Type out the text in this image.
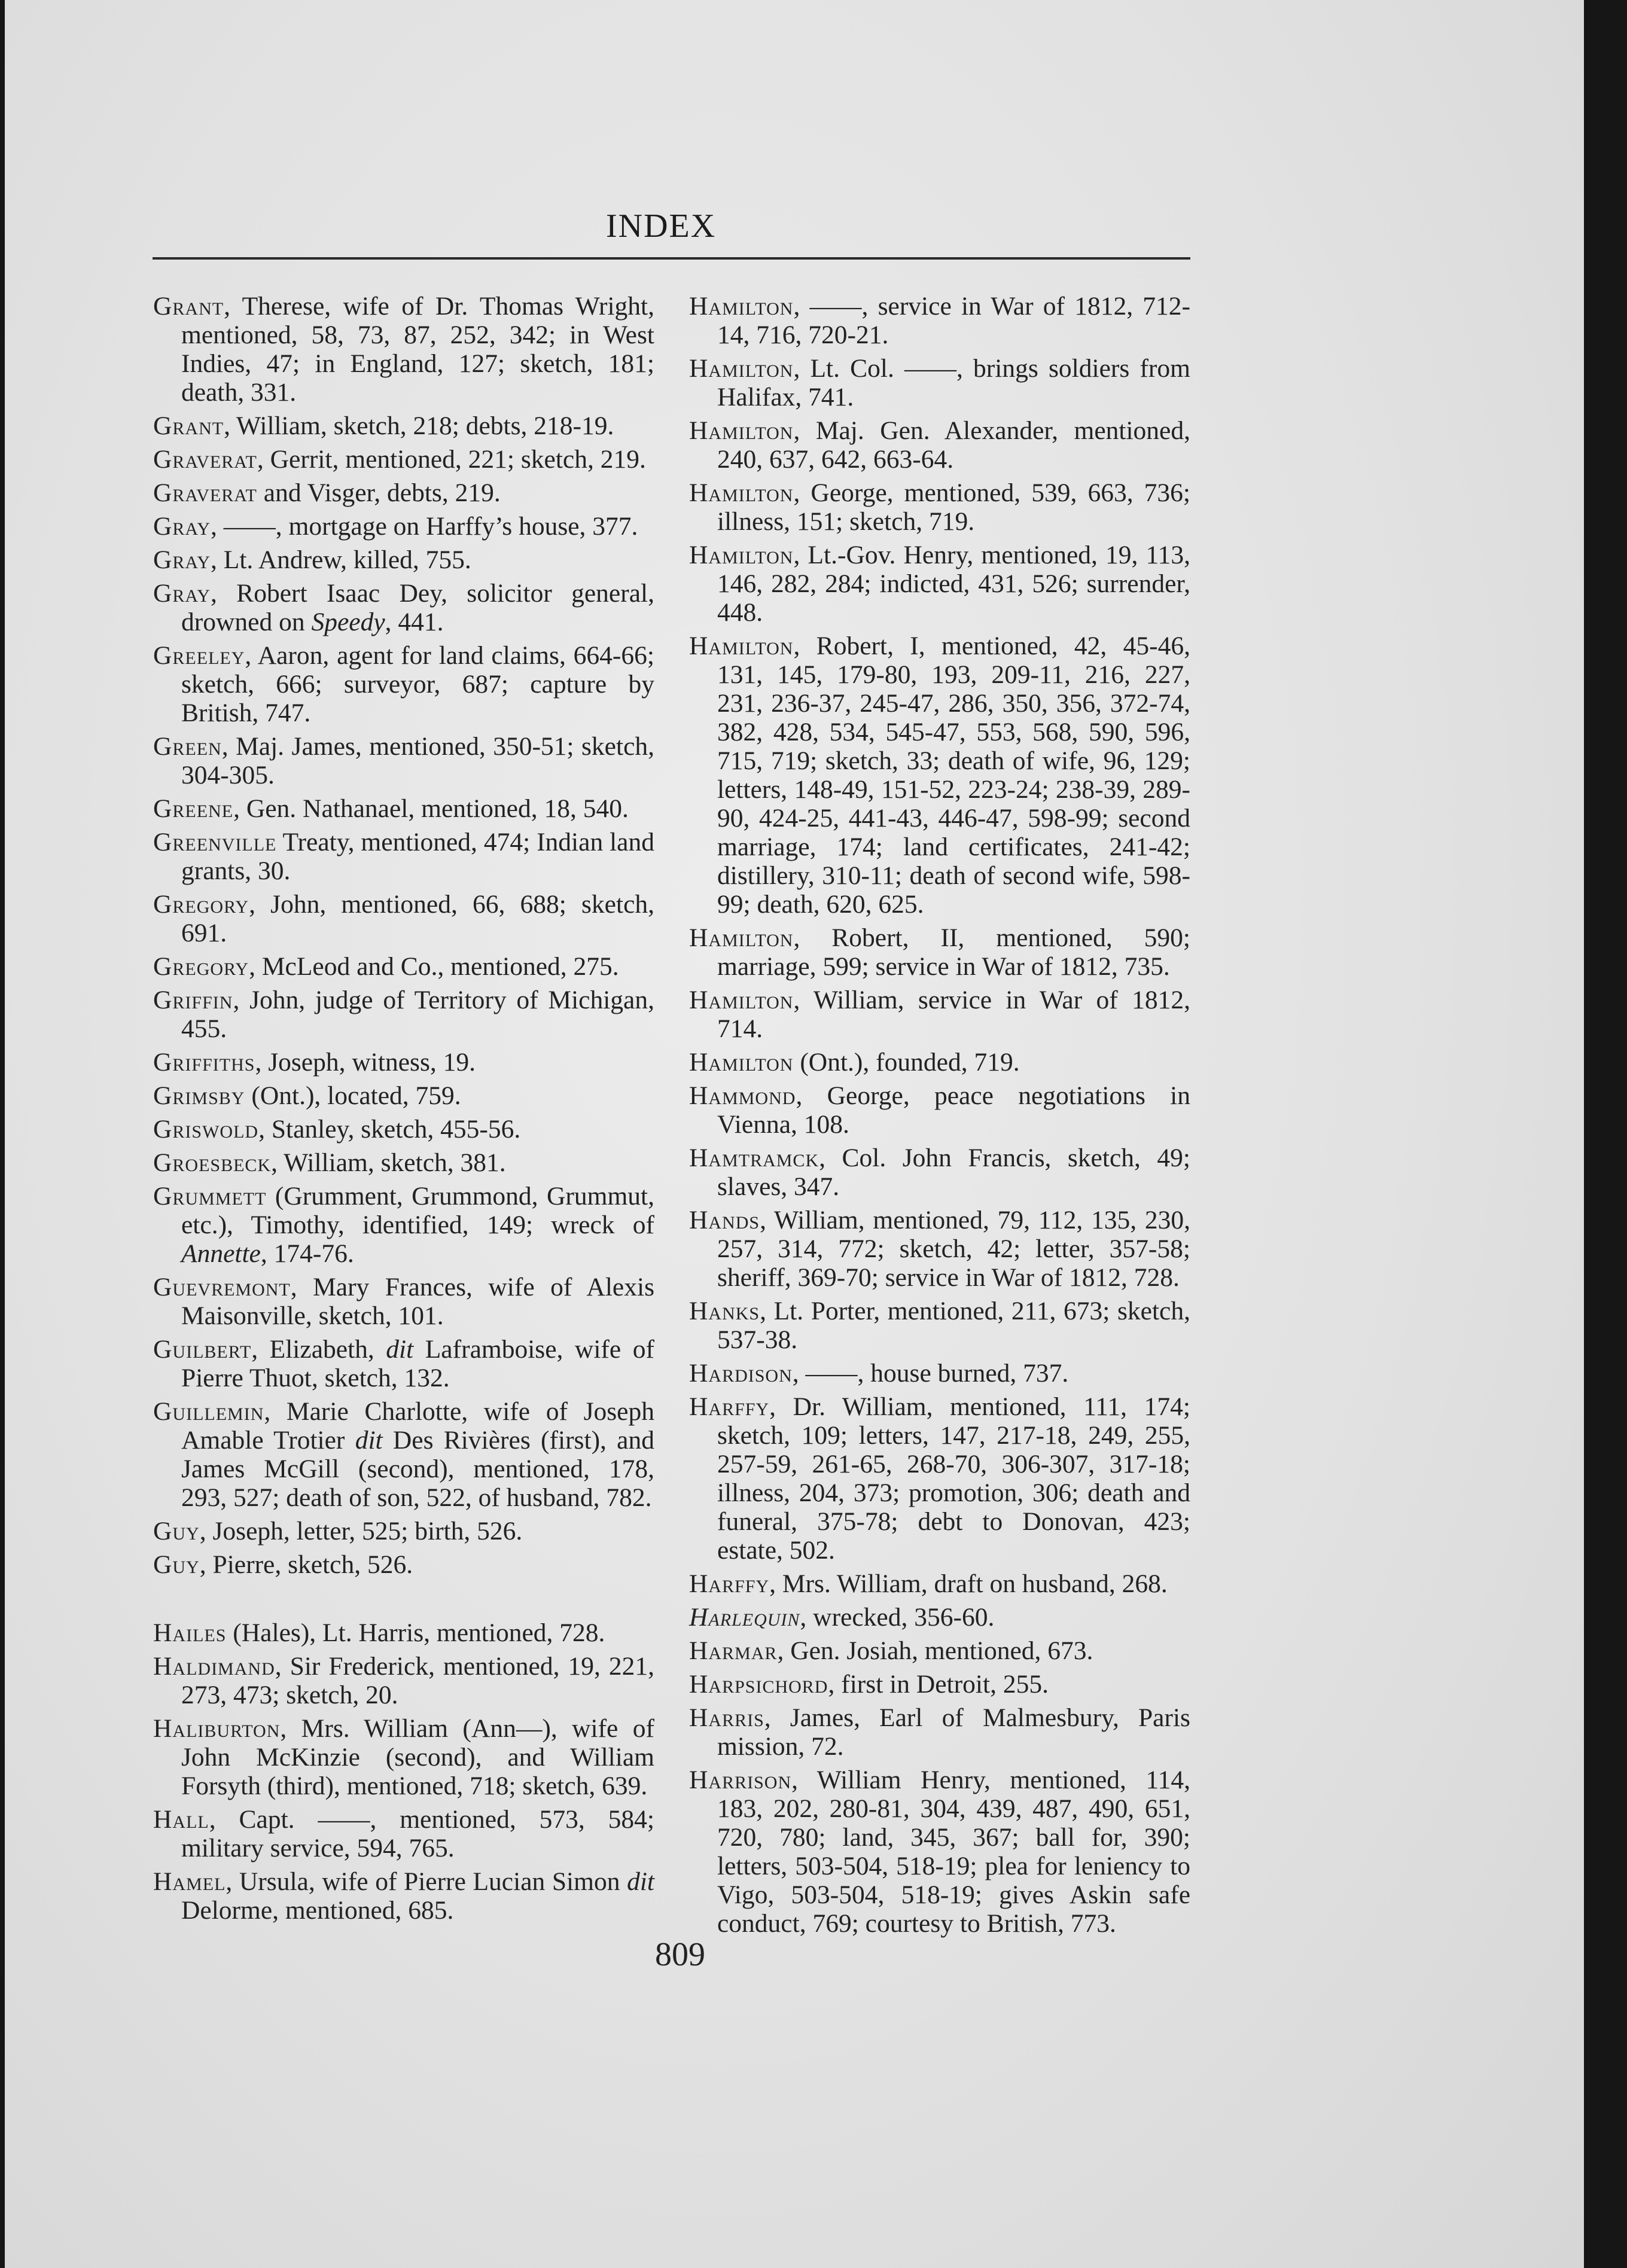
INDEX

Grant, Therese, wife of Dr. Thomas Wright, mentioned, 58, 73, 87, 252, 342; in West Indies, 47; in England, 127; sketch, 181; death, 331.

Grant, William, sketch, 218; debts, 218-19.

Graverat, Gerrit, mentioned, 221; sketch, 219.

Graverat and Visger, debts, 219.

Gray, ——, mortgage on Harffy’s house, 377.

Gray, Lt. Andrew, killed, 755.

Gray, Robert Isaac Dey, solicitor general, drowned on Speedy, 441.

Greeley, Aaron, agent for land claims, 664-66; sketch, 666; surveyor, 687; capture by British, 747.

Green, Maj. James, mentioned, 350-51; sketch, 304-305.

Greene, Gen. Nathanael, mentioned, 18, 540.

Greenville Treaty, mentioned, 474; Indian land grants, 30.

Gregory, John, mentioned, 66, 688; sketch, 691.

Gregory, McLeod and Co., mentioned, 275.

Griffin, John, judge of Territory of Michigan, 455.

Griffiths, Joseph, witness, 19.

Grimsby (Ont.), located, 759.

Griswold, Stanley, sketch, 455-56.

Groesbeck, William, sketch, 381.

Grummett (Grumment, Grummond, Grummut, etc.), Timothy, identified, 149; wreck of Annette, 174-76.

Guevremont, Mary Frances, wife of Alexis Maisonville, sketch, 101.

Guilbert, Elizabeth, dit Laframboise, wife of Pierre Thuot, sketch, 132.

Guillemin, Marie Charlotte, wife of Joseph Amable Trotier dit Des Rivières (first), and James McGill (second), mentioned, 178, 293, 527; death of son, 522, of husband, 782.

Guy, Joseph, letter, 525; birth, 526.

Guy, Pierre, sketch, 526.

Hailes (Hales), Lt. Harris, mentioned, 728.

Haldimand, Sir Frederick, mentioned, 19, 221, 273, 473; sketch, 20.

Haliburton, Mrs. William (Ann—), wife of John McKinzie (second), and William Forsyth (third), mentioned, 718; sketch, 639.

Hall, Capt. ——, mentioned, 573, 584; military service, 594, 765.

Hamel, Ursula, wife of Pierre Lucian Simon dit Delorme, mentioned, 685.

Hamilton, ——, service in War of 1812, 712-14, 716, 720-21.

Hamilton, Lt. Col. ——, brings soldiers from Halifax, 741.

Hamilton, Maj. Gen. Alexander, mentioned, 240, 637, 642, 663-64.

Hamilton, George, mentioned, 539, 663, 736; illness, 151; sketch, 719.

Hamilton, Lt.-Gov. Henry, mentioned, 19, 113, 146, 282, 284; indicted, 431, 526; surrender, 448.

Hamilton, Robert, I, mentioned, 42, 45-46, 131, 145, 179-80, 193, 209-11, 216, 227, 231, 236-37, 245-47, 286, 350, 356, 372-74, 382, 428, 534, 545-47, 553, 568, 590, 596, 715, 719; sketch, 33; death of wife, 96, 129; letters, 148-49, 151-52, 223-24; 238-39, 289-90, 424-25, 441-43, 446-47, 598-99; second marriage, 174; land certificates, 241-42; distillery, 310-11; death of second wife, 598-99; death, 620, 625.

Hamilton, Robert, II, mentioned, 590; marriage, 599; service in War of 1812, 735.

Hamilton, William, service in War of 1812, 714.

Hamilton (Ont.), founded, 719.

Hammond, George, peace negotiations in Vienna, 108.

Hamtramck, Col. John Francis, sketch, 49; slaves, 347.

Hands, William, mentioned, 79, 112, 135, 230, 257, 314, 772; sketch, 42; letter, 357-58; sheriff, 369-70; service in War of 1812, 728.

Hanks, Lt. Porter, mentioned, 211, 673; sketch, 537-38.

Hardison, ——, house burned, 737.

Harffy, Dr. William, mentioned, 111, 174; sketch, 109; letters, 147, 217-18, 249, 255, 257-59, 261-65, 268-70, 306-307, 317-18; illness, 204, 373; promotion, 306; death and funeral, 375-78; debt to Donovan, 423; estate, 502.

Harffy, Mrs. William, draft on husband, 268.

Harlequin, wrecked, 356-60.

Harmar, Gen. Josiah, mentioned, 673.

Harpsichord, first in Detroit, 255.

Harris, James, Earl of Malmesbury, Paris mission, 72.

Harrison, William Henry, mentioned, 114, 183, 202, 280-81, 304, 439, 487, 490, 651, 720, 780; land, 345, 367; ball for, 390; letters, 503-504, 518-19; plea for leniency to Vigo, 503-504, 518-19; gives Askin safe conduct, 769; courtesy to British, 773.

809
